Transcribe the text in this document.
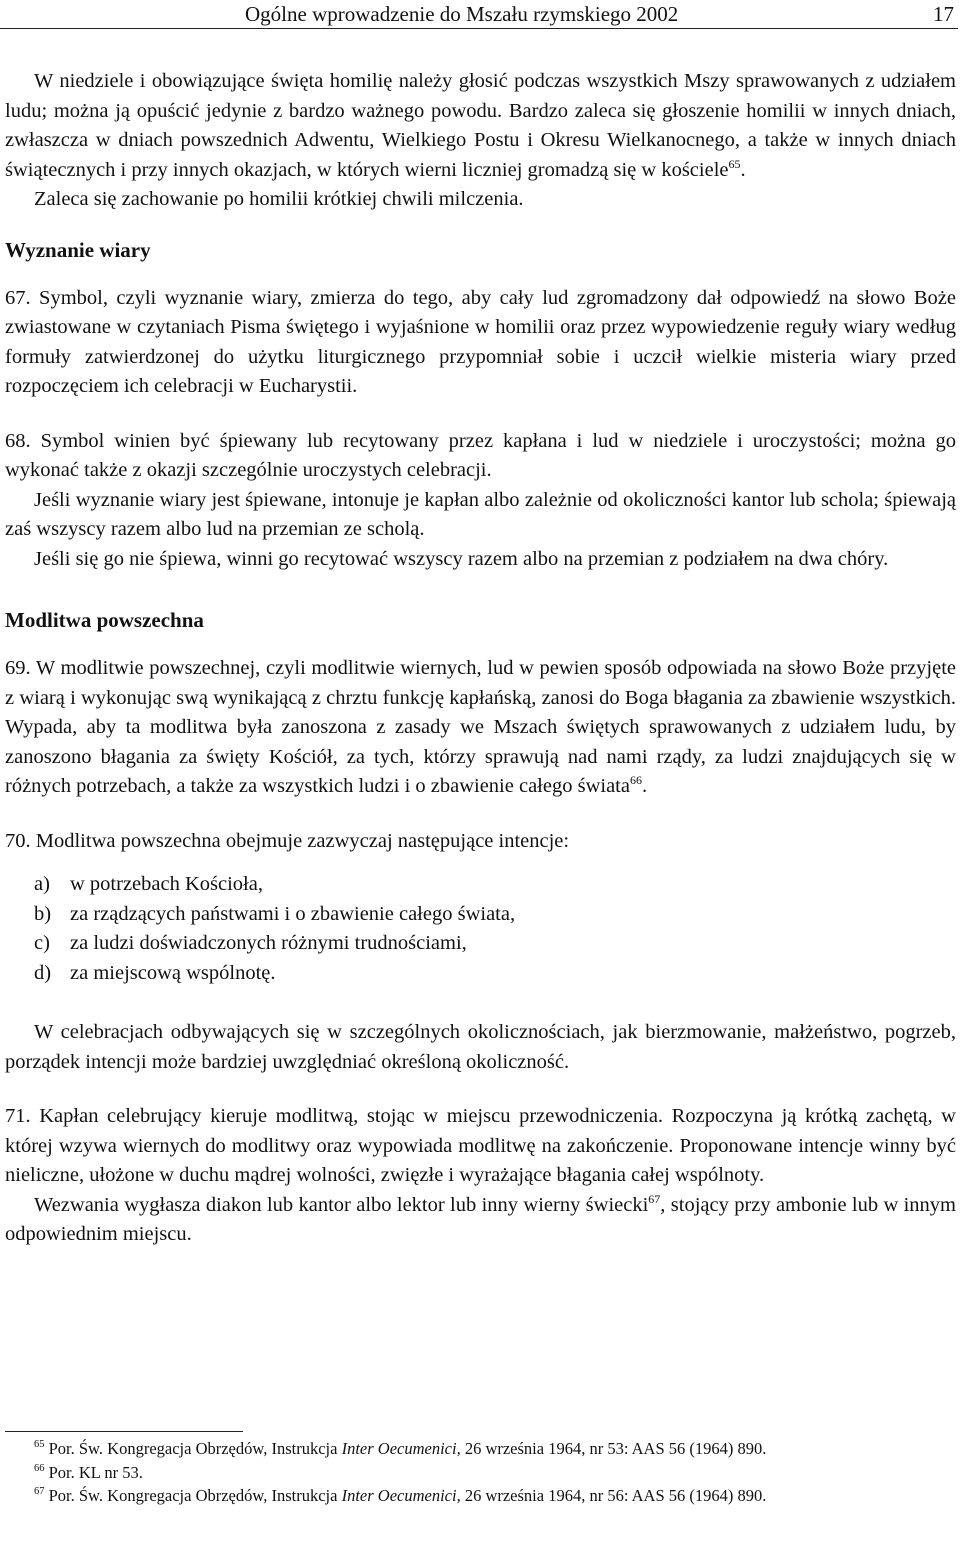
Ogólne wprowadzenie do Mszału rzymskiego 2002	17

W niedziele i obowiązujące święta homilię należy głosić podczas wszystkich Mszy sprawowanych z udziałem ludu; można ją opuścić jedynie z bardzo ważnego powodu. Bardzo zaleca się głoszenie homilii w innych dniach, zwłaszcza w dniach powszednich Adwentu, Wielkiego Postu i Okresu Wielkanocnego, a także w innych dniach świątecznych i przy innych okazjach, w których wierni liczniej gromadzą się w kościele$^{65}$.

Zaleca się zachowanie po homilii krótkiej chwili milczenia.

Wyznanie wiary

67. Symbol, czyli wyznanie wiary, zmierza do tego, aby cały lud zgromadzony dał odpowiedź na słowo Boże zwiastowane w czytaniach Pisma świętego i wyjaśnione w homilii oraz przez wypowiedzenie reguły wiary według formuły zatwierdzonej do użytku liturgicznego przypomniał sobie i uczcił wielkie misteria wiary przed rozpoczęciem ich celebracji w Eucharystii.

68. Symbol winien być śpiewany lub recytowany przez kapłana i lud w niedziele i uroczystości; można go wykonać także z okazji szczególnie uroczystych celebracji.

Jeśli wyznanie wiary jest śpiewane, intonuje je kapłan albo zależnie od okoliczności kantor lub schola; śpiewają zaś wszyscy razem albo lud na przemian ze scholą.

Jeśli się go nie śpiewa, winni go recytować wszyscy razem albo na przemian z podziałem na dwa chóry.

Modlitwa powszechna

69. W modlitwie powszechnej, czyli modlitwie wiernych, lud w pewien sposób odpowiada na słowo Boże przyjęte z wiarą i wykonując swą wynikającą z chrztu funkcję kapłańską, zanosi do Boga błagania za zbawienie wszystkich. Wypada, aby ta modlitwa była zanoszona z zasady we Mszach świętych sprawowanych z udziałem ludu, by zanoszono błagania za święty Kościół, za tych, którzy sprawują nad nami rządy, za ludzi znajdujących się w różnych potrzebach, a także za wszystkich ludzi i o zbawienie całego świata$^{66}$.

70. Modlitwa powszechna obejmuje zazwyczaj następujące intencje:

a) w potrzebach Kościoła,
b) za rządzących państwami i o zbawienie całego świata,
c) za ludzi doświadczonych różnymi trudnościami,
d) za miejscową wspólnotę.

W celebracjach odbywających się w szczególnych okolicznościach, jak bierzmowanie, małżeństwo, pogrzeb, porządek intencji może bardziej uwzględniać określoną okoliczność.

71. Kapłan celebrujący kieruje modlitwą, stojąc w miejscu przewodniczenia. Rozpoczyna ją krótką zachętą, w której wzywa wiernych do modlitwy oraz wypowiada modlitwę na zakończenie. Proponowane intencje winny być nieliczne, ułożone w duchu mądrej wolności, zwięzłe i wyrażające błagania całej wspólnoty.

Wezwania wygłasza diakon lub kantor albo lektor lub inny wierny świecki$^{67}$, stojący przy ambonie lub w innym odpowiednim miejscu.

$^{65}$ Por. Św. Kongregacja Obrzędów, Instrukcja Inter Oecumenici, 26 września 1964, nr 53: AAS 56 (1964) 890.

$^{66}$ Por. KL nr 53.

$^{67}$ Por. Św. Kongregacja Obrzędów, Instrukcja Inter Oecumenici, 26 września 1964, nr 56: AAS 56 (1964) 890.
